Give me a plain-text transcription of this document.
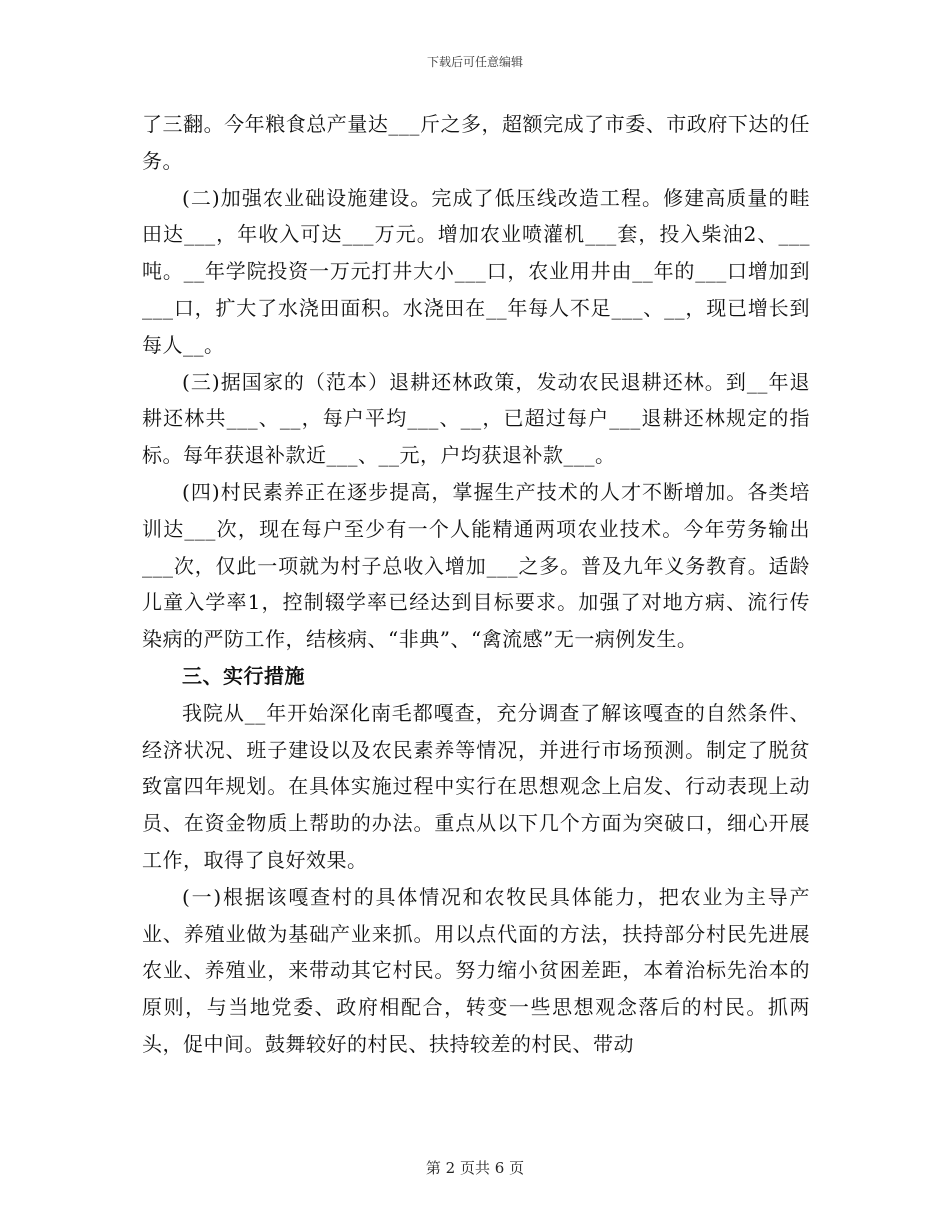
下载后可任意编辑

了三翻。今年粮食总产量达___斤之多，超额完成了市委、市政府下达的任务。

(二)加强农业础设施建设。完成了低压线改造工程。修建高质量的畦田达___，年收入可达___万元。增加农业喷灌机___套，投入柴油2、___吨。__年学院投资一万元打井大小___口，农业用井由__年的___口增加到___口，扩大了水浇田面积。水浇田在__年每人不足___、__，现已增长到每人__。

(三)据国家的（范本）退耕还林政策，发动农民退耕还林。到__年退耕还林共___、__，每户平均___、__，已超过每户___退耕还林规定的指标。每年获退补款近___、__元，户均获退补款___。

(四)村民素养正在逐步提高，掌握生产技术的人才不断增加。各类培训达___次，现在每户至少有一个人能精通两项农业技术。今年劳务输出___次，仅此一项就为村子总收入增加___之多。普及九年义务教育。适龄儿童入学率1，控制辍学率已经达到目标要求。加强了对地方病、流行传染病的严防工作，结核病、“非典”、“禽流感”无一病例发生。

三、实行措施

我院从__年开始深化南毛都嘎查，充分调查了解该嘎查的自然条件、经济状况、班子建设以及农民素养等情况，并进行市场预测。制定了脱贫致富四年规划。在具体实施过程中实行在思想观念上启发、行动表现上动员、在资金物质上帮助的办法。重点从以下几个方面为突破口，细心开展工作，取得了良好效果。

(一)根据该嘎查村的具体情况和农牧民具体能力，把农业为主导产业、养殖业做为基础产业来抓。用以点代面的方法，扶持部分村民先进展农业、养殖业，来带动其它村民。努力缩小贫困差距，本着治标先治本的原则，与当地党委、政府相配合，转变一些思想观念落后的村民。抓两头，促中间。鼓舞较好的村民、扶持较差的村民、带动

第 2 页共 6 页
